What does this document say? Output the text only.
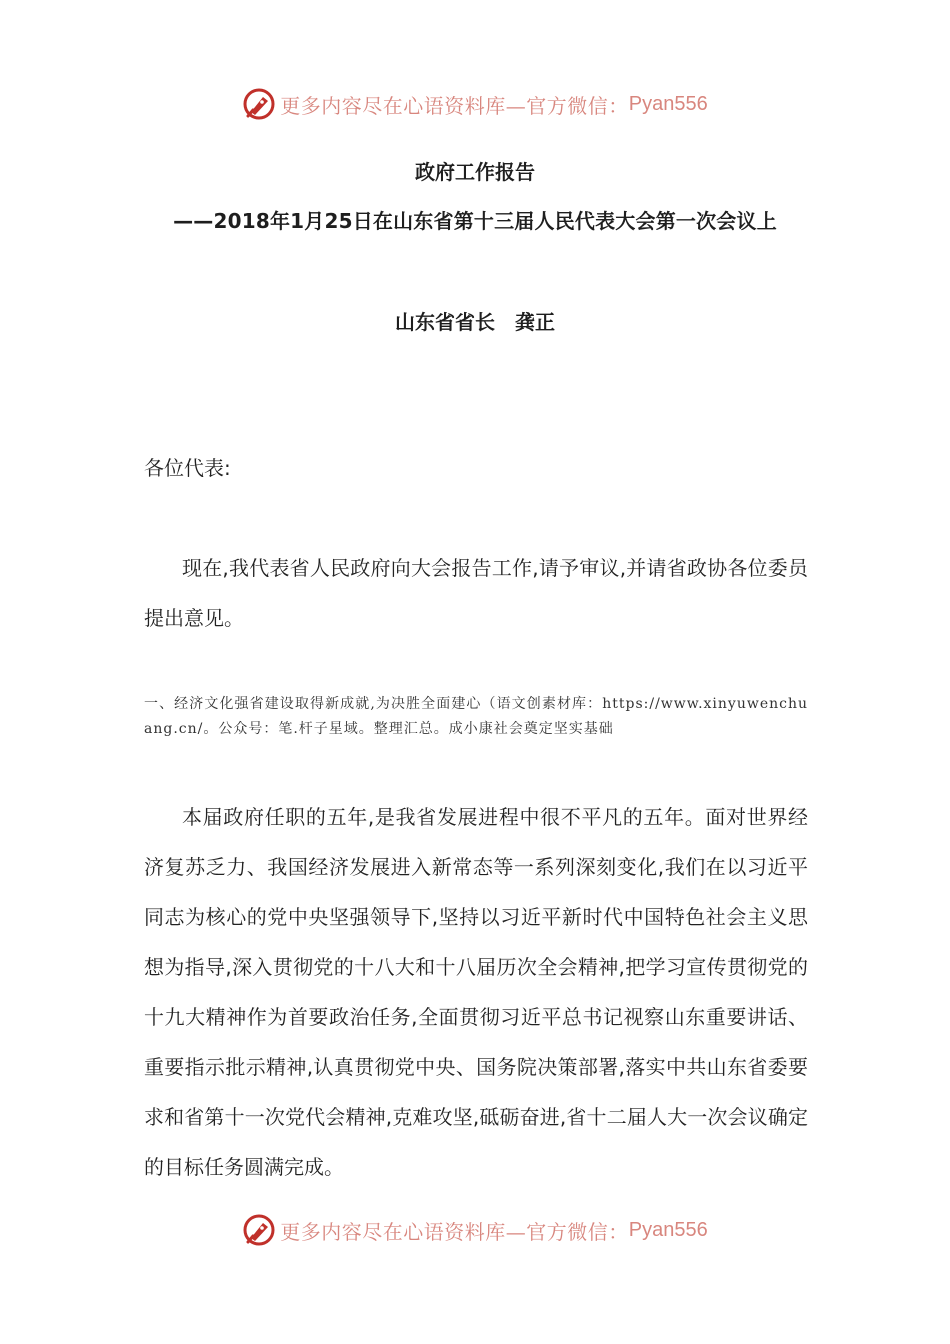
更多内容尽在心语资料库—官方微信： Pyan556
政府工作报告
——2018年1月25日在山东省第十三届人民代表大会第一次会议上
山东省省长　龚正
各位代表:
现在,我代表省人民政府向大会报告工作,请予审议,并请省政协各位委员提出意见。
一、经济文化强省建设取得新成就,为决胜全面建心（语文创素材库：https://www.xinyuwenchuang.cn/。公众号：笔.杆子星域。整理汇总。成小康社会奠定坚实基础
本届政府任职的五年,是我省发展进程中很不平凡的五年。面对世界经济复苏乏力、我国经济发展进入新常态等一系列深刻变化,我们在以习近平同志为核心的党中央坚强领导下,坚持以习近平新时代中国特色社会主义思想为指导,深入贯彻党的十八大和十八届历次全会精神,把学习宣传贯彻党的十九大精神作为首要政治任务,全面贯彻习近平总书记视察山东重要讲话、重要指示批示精神,认真贯彻党中央、国务院决策部署,落实中共山东省委要求和省第十一次党代会精神,克难攻坚,砥砺奋进,省十二届人大一次会议确定的目标任务圆满完成。
更多内容尽在心语资料库—官方微信： Pyan556
